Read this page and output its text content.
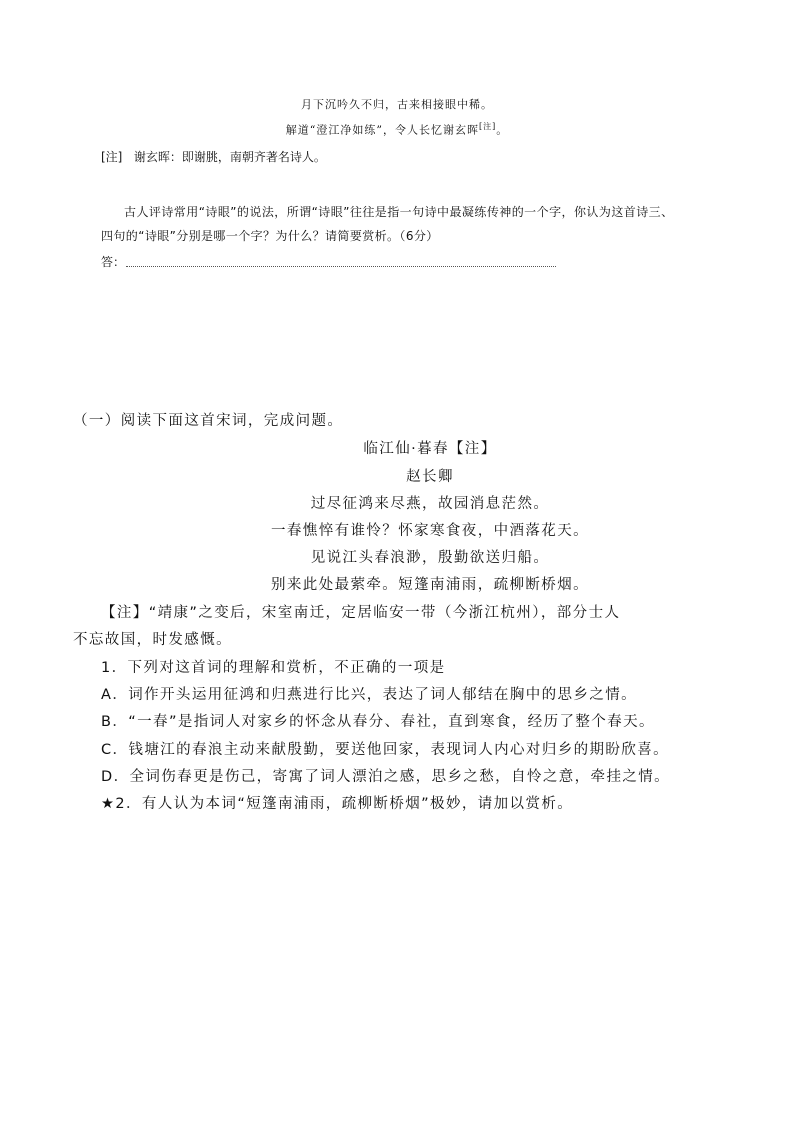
月下沉吟久不归，古来相接眼中稀。
解道“澄江净如练”，令人长忆谢玄晖[注]。
[注] 谢玄晖：即谢朓，南朝齐著名诗人。
古人评诗常用“诗眼”的说法，所谓“诗眼”往往是指一句诗中最凝练传神的一个字，你认为这首诗三、
四句的“诗眼”分别是哪一个字？为什么？请简要赏析。（6分）
答：
（一）阅读下面这首宋词，完成问题。
临江仙·暮春【注】
赵长卿
过尽征鸿来尽燕，故园消息茫然。
一春憔悴有谁怜？怀家寒食夜，中酒落花天。
见说江头春浪渺，殷勤欲送归船。
别来此处最萦牵。短篷南浦雨，疏柳断桥烟。
【注】“靖康”之变后，宋室南迁，定居临安一带（今浙江杭州），部分士人
不忘故国，时发感慨。
1．下列对这首词的理解和赏析，不正确的一项是
A．词作开头运用征鸿和归燕进行比兴，表达了词人郁结在胸中的思乡之情。
B．“一春”是指词人对家乡的怀念从春分、春社，直到寒食，经历了整个春天。
C．钱塘江的春浪主动来献殷勤，要送他回家，表现词人内心对归乡的期盼欣喜。
D．全词伤春更是伤己，寄寓了词人漂泊之感，思乡之愁，自怜之意，牵挂之情。
★2．有人认为本词“短篷南浦雨，疏柳断桥烟”极妙，请加以赏析。
